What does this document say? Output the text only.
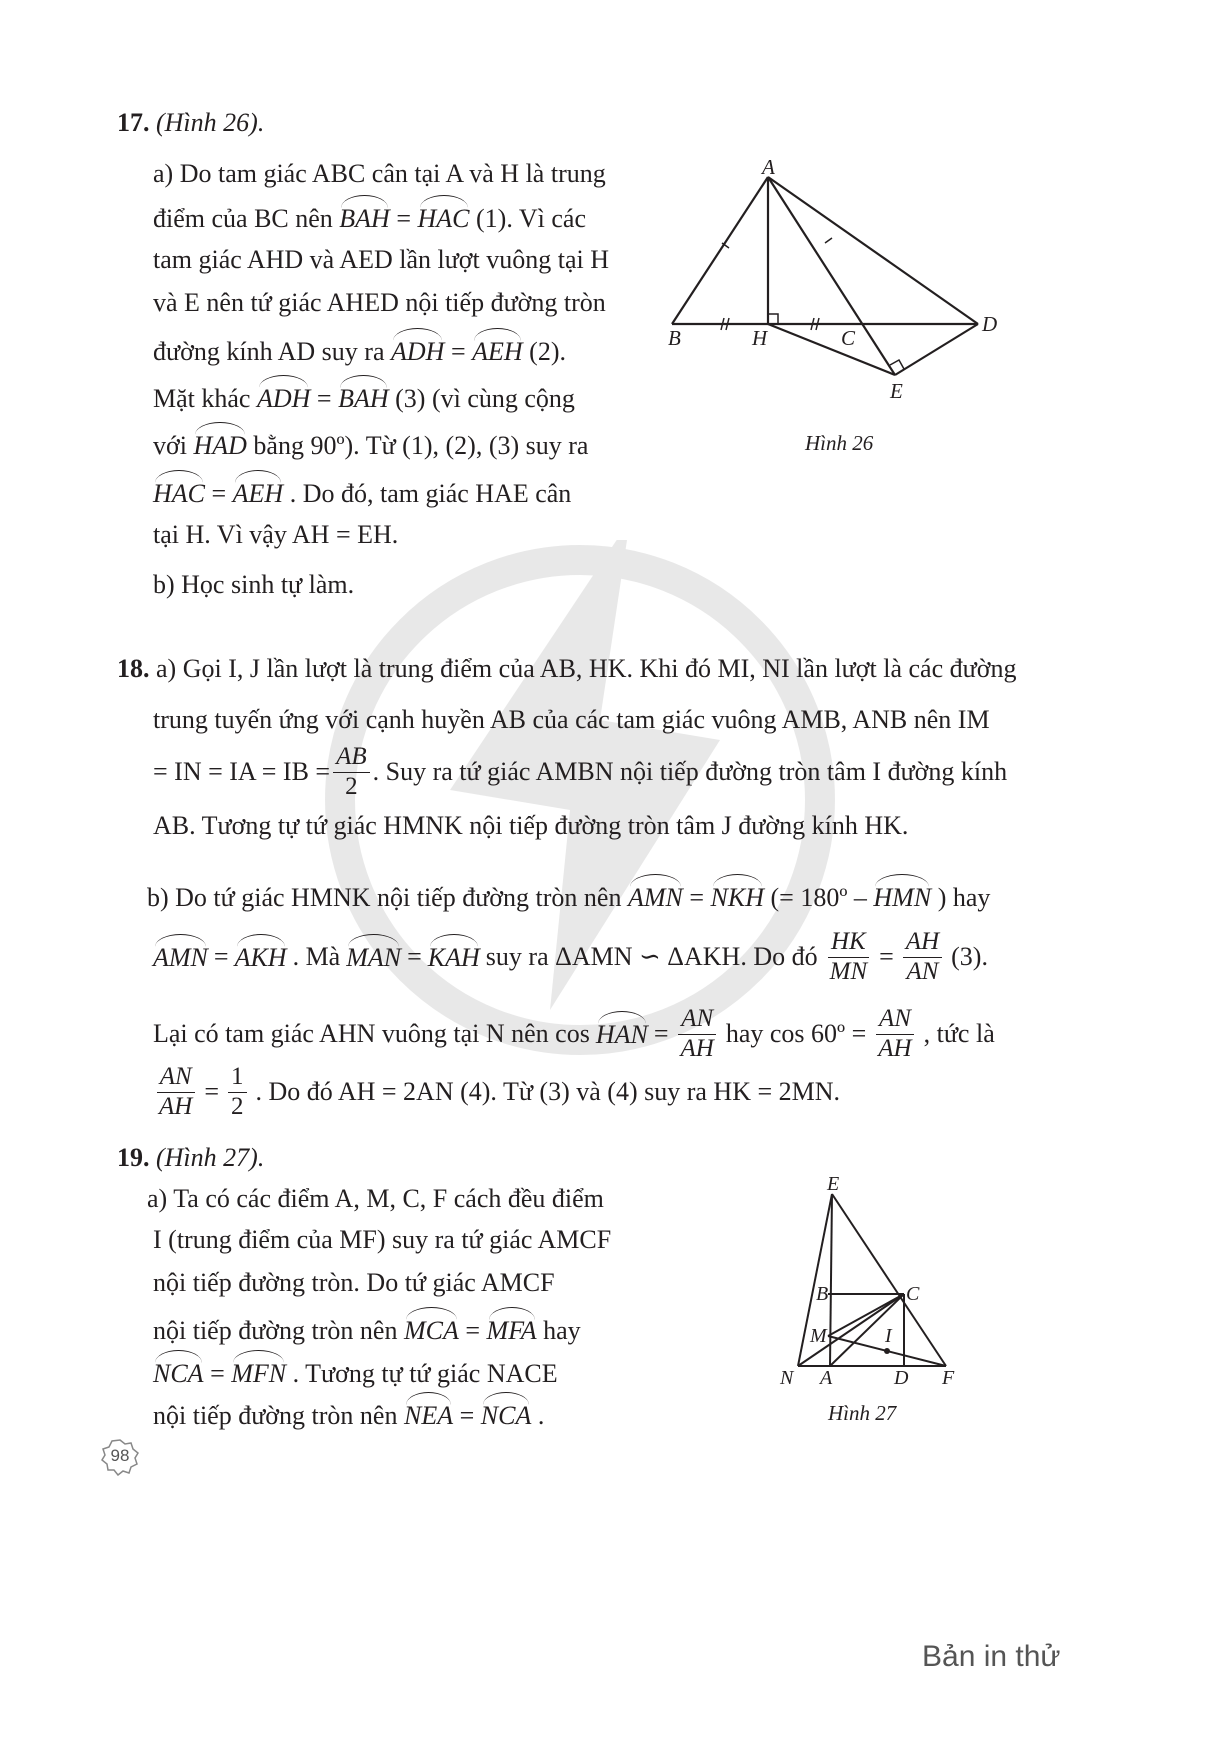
17. (Hình 26).
a) Do tam giác ABC cân tại A và H là trung
điểm của BC nên BAH = HAC (1). Vì các
tam giác AHD và AED lần lượt vuông tại H
và E nên tứ giác AHED nội tiếp đường tròn
đường kính AD suy ra ADH = AEH (2).
Mặt khác ADH = BAH (3) (vì cùng cộng
với HAD bằng 90º). Từ (1), (2), (3) suy ra
HAC = AEH . Do đó, tam giác HAE cân
tại H. Vì vậy AH = EH.
b) Học sinh tự làm.
A
B	H	C
D
E
Hình 26
18. a) Gọi I, J lần lượt là trung điểm của AB, HK. Khi đó MI, NI lần lượt là các đường
trung tuyến ứng với cạnh huyền AB của các tam giác vuông AMB, ANB nên IM
= IN = IA = IB = $\frac{AB}{2}$ . Suy ra tứ giác AMBN nội tiếp đường tròn tâm I đường kính
AB. Tương tự tứ giác HMNK nội tiếp đường tròn tâm J đường kính HK.
b) Do tứ giác HMNK nội tiếp đường tròn nên AMN = NKH (= 180º – HMN ) hay
AMN = AKH . Mà MAN = KAH suy ra ΔAMN ∽ ΔAKH. Do đó $\frac{HK}{MN} = \frac{AH}{AN} (3)$.
Lại có tam giác AHN vuông tại N nên cos HAN = $\frac{AN}{AH}$ hay cos 60º = $\frac{AN}{AH}$ , tức là
$\frac{AN}{AH} = \frac{1}{2}$ . Do đó AH = 2AN (4). Từ (3) và (4) suy ra HK = 2MN.
19. (Hình 27).
a) Ta có các điểm A, M, C, F cách đều điểm
I (trung điểm của MF) suy ra tứ giác AMCF
nội tiếp đường tròn. Do tứ giác AMCF
nội tiếp đường tròn nên MCA = MFA hay
NCA = MFN . Tương tự tứ giác NACE
nội tiếp đường tròn nên NEA = NCA .
E
B	C
M	I
N A	D F
Hình 27
98
Bản in thử
